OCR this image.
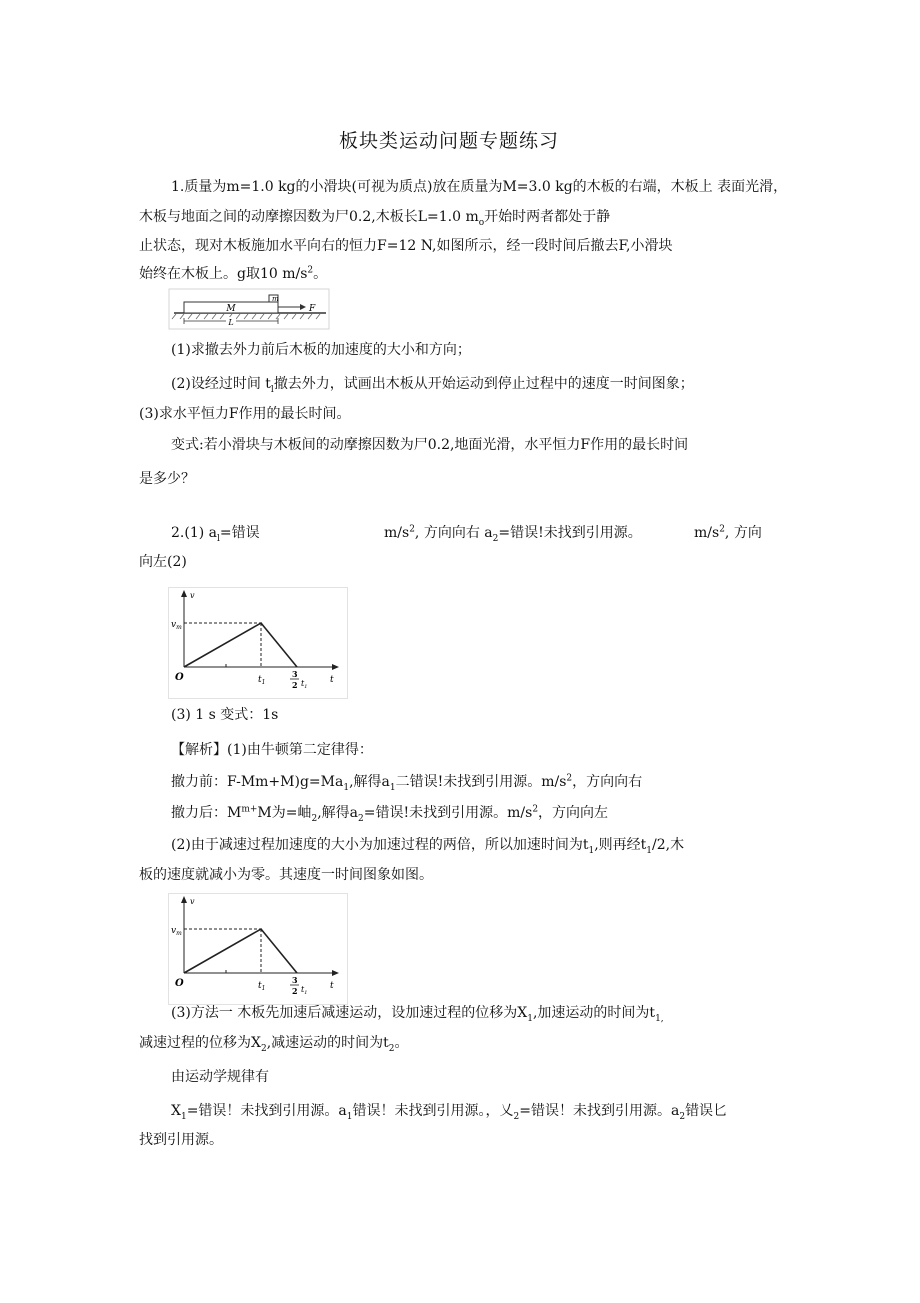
板块类运动问题专题练习
1.质量为m=1.0 kg的小滑块(可视为质点)放在质量为M=3.0 kg的木板的右端，木板上 表面光滑，
木板与地面之间的动摩擦因数为尸0.2,木板长L=1.0 $m_o$开始时两者都处于静
止状态，现对木板施加水平向右的恒力F=12 N,如图所示，经一段时间后撤去F,小滑块
始终在木板上。g取10 $m/s^2$。
M
m
F
L
(1)求撤去外力前后木板的加速度的大小和方向；
(2)设经过时间 $t_l$撤去外力，试画出木板从开始运动到停止过程中的速度一时间图象；
(3)求水平恒力F作用的最长时间。
变式:若小滑块与木板间的动摩擦因数为尸0.2,地面光滑，水平恒力F作用的最长时间
是多少？
2.(1) $a_l=$错误	$m/s^2$, 方向向右 $a_2=$错误!未找到引用源。	$m/s^2$, 方向
向左(2)
v
$v_m$
O	$t_1$
3
2 $t_1$
t
(3) 1 s 变式：1s
【解析】(1)由牛顿第二定律得：
撤力前：$F-Mm+M)g=Ma_1$,解得$a_1$二错误!未找到引用源。$m/s^2$，方向向右
撤力后：$M^{m+}M$为=岫$_2$,解得$a_2=$错误!未找到引用源。$m/s^2$，方向向左
(2)由于减速过程加速度的大小为加速过程的两倍，所以加速时间为$t_1$,则再经$t_1/2$,木
板的速度就减小为零。其速度一时间图象如图。
v
$v_m$
O	$t_1$
3
2 $t_1$
t
(3)方法一 木板先加速后减速运动，设加速过程的位移为$X_1$,加速运动的时间为$t_{1,}$
减速过程的位移为$X_2$,减速运动的时间为$t_2$。
由运动学规律有
$X_1=$错误！未找到引用源。$a_1$错误！未找到引用源。，乂$_2$=错误！未找到引用源。$a_2$错误匕
找到引用源。
